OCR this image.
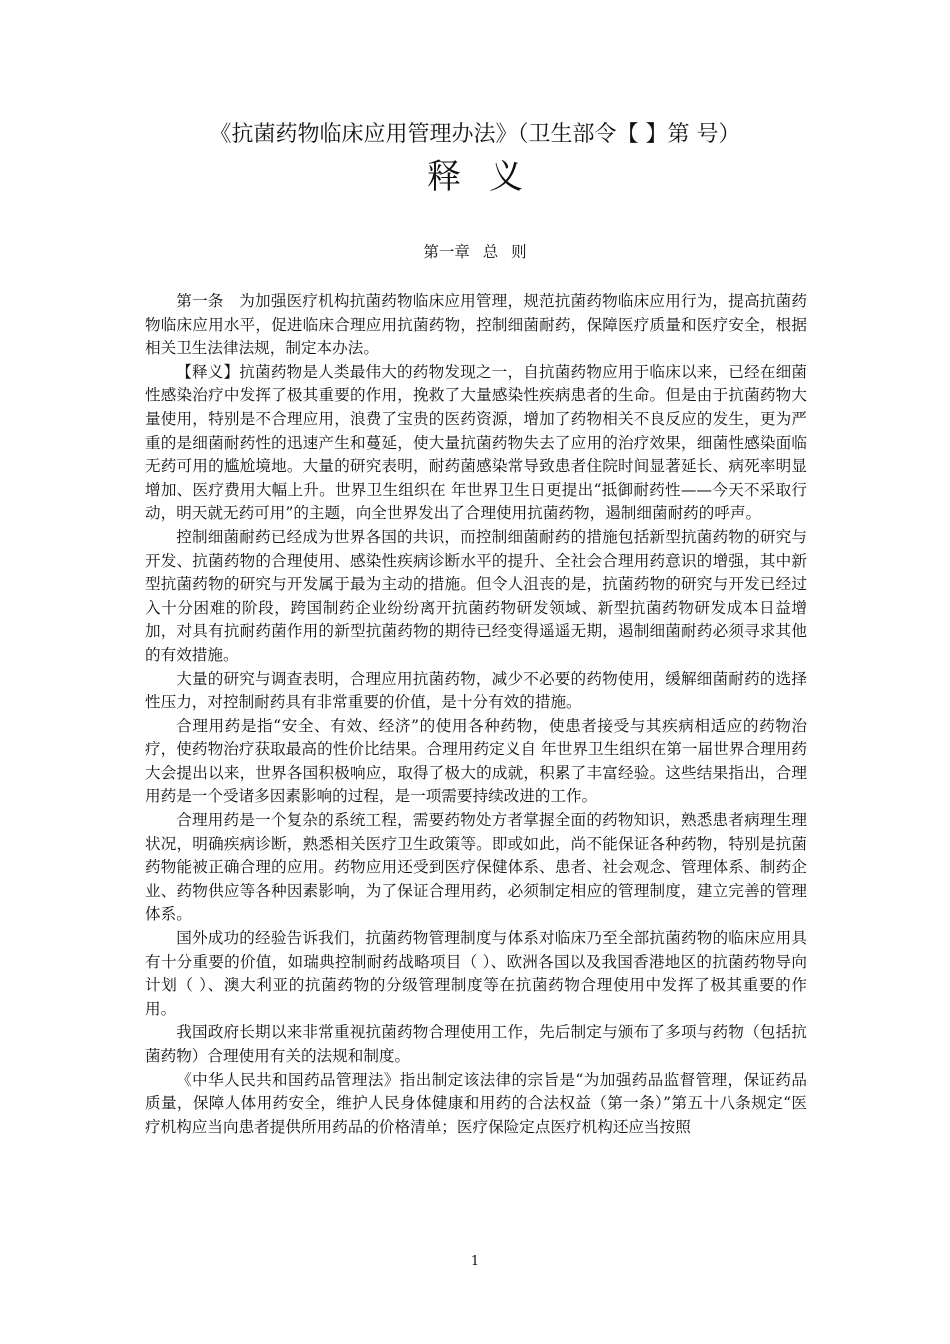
《抗菌药物临床应用管理办法》（卫生部令【 】第 号）
释义
第一章 总 则

第一条　为加强医疗机构抗菌药物临床应用管理，规范抗菌药物临床应用行为，提高抗菌药物临床应用水平，促进临床合理应用抗菌药物，控制细菌耐药，保障医疗质量和医疗安全，根据相关卫生法律法规，制定本办法。

【释义】抗菌药物是人类最伟大的药物发现之一，自抗菌药物应用于临床以来，已经在细菌性感染治疗中发挥了极其重要的作用，挽救了大量感染性疾病患者的生命。但是由于抗菌药物大量使用，特别是不合理应用，浪费了宝贵的医药资源，增加了药物相关不良反应的发生，更为严重的是细菌耐药性的迅速产生和蔓延，使大量抗菌药物失去了应用的治疗效果，细菌性感染面临无药可用的尴尬境地。大量的研究表明，耐药菌感染常导致患者住院时间显著延长、病死率明显增加、医疗费用大幅上升。世界卫生组织在 年世界卫生日更提出“抵御耐药性——今天不采取行动，明天就无药可用”的主题，向全世界发出了合理使用抗菌药物，遏制细菌耐药的呼声。

控制细菌耐药已经成为世界各国的共识，而控制细菌耐药的措施包括新型抗菌药物的研究与开发、抗菌药物的合理使用、感染性疾病诊断水平的提升、全社会合理用药意识的增强，其中新型抗菌药物的研究与开发属于最为主动的措施。但令人沮丧的是，抗菌药物的研究与开发已经过入十分困难的阶段，跨国制药企业纷纷离开抗菌药物研发领域、新型抗菌药物研发成本日益增加，对具有抗耐药菌作用的新型抗菌药物的期待已经变得遥遥无期，遏制细菌耐药必须寻求其他的有效措施。

大量的研究与调查表明，合理应用抗菌药物，减少不必要的药物使用，缓解细菌耐药的选择性压力，对控制耐药具有非常重要的价值，是十分有效的措施。

合理用药是指“安全、有效、经济”的使用各种药物，使患者接受与其疾病相适应的药物治疗，使药物治疗获取最高的性价比结果。合理用药定义自 年世界卫生组织在第一届世界合理用药大会提出以来，世界各国积极响应，取得了极大的成就，积累了丰富经验。这些结果指出，合理用药是一个受诸多因素影响的过程，是一项需要持续改进的工作。

合理用药是一个复杂的系统工程，需要药物处方者掌握全面的药物知识，熟悉患者病理生理状况，明确疾病诊断，熟悉相关医疗卫生政策等。即或如此，尚不能保证各种药物，特别是抗菌药物能被正确合理的应用。药物应用还受到医疗保健体系、患者、社会观念、管理体系、制药企业、药物供应等各种因素影响，为了保证合理用药，必须制定相应的管理制度，建立完善的管理体系。

国外成功的经验告诉我们，抗菌药物管理制度与体系对临床乃至全部抗菌药物的临床应用具有十分重要的价值，如瑞典控制耐药战略项目（ ）、欧洲各国以及我国香港地区的抗菌药物导向计划（ ）、澳大利亚的抗菌药物的分级管理制度等在抗菌药物合理使用中发挥了极其重要的作用。

我国政府长期以来非常重视抗菌药物合理使用工作，先后制定与颁布了多项与药物（包括抗菌药物）合理使用有关的法规和制度。

《中华人民共和国药品管理法》指出制定该法律的宗旨是“为加强药品监督管理，保证药品质量，保障人体用药安全，维护人民身体健康和用药的合法权益（第一条）”第五十八条规定“医疗机构应当向患者提供所用药品的价格清单；医疗保险定点医疗机构还应当按照

1
